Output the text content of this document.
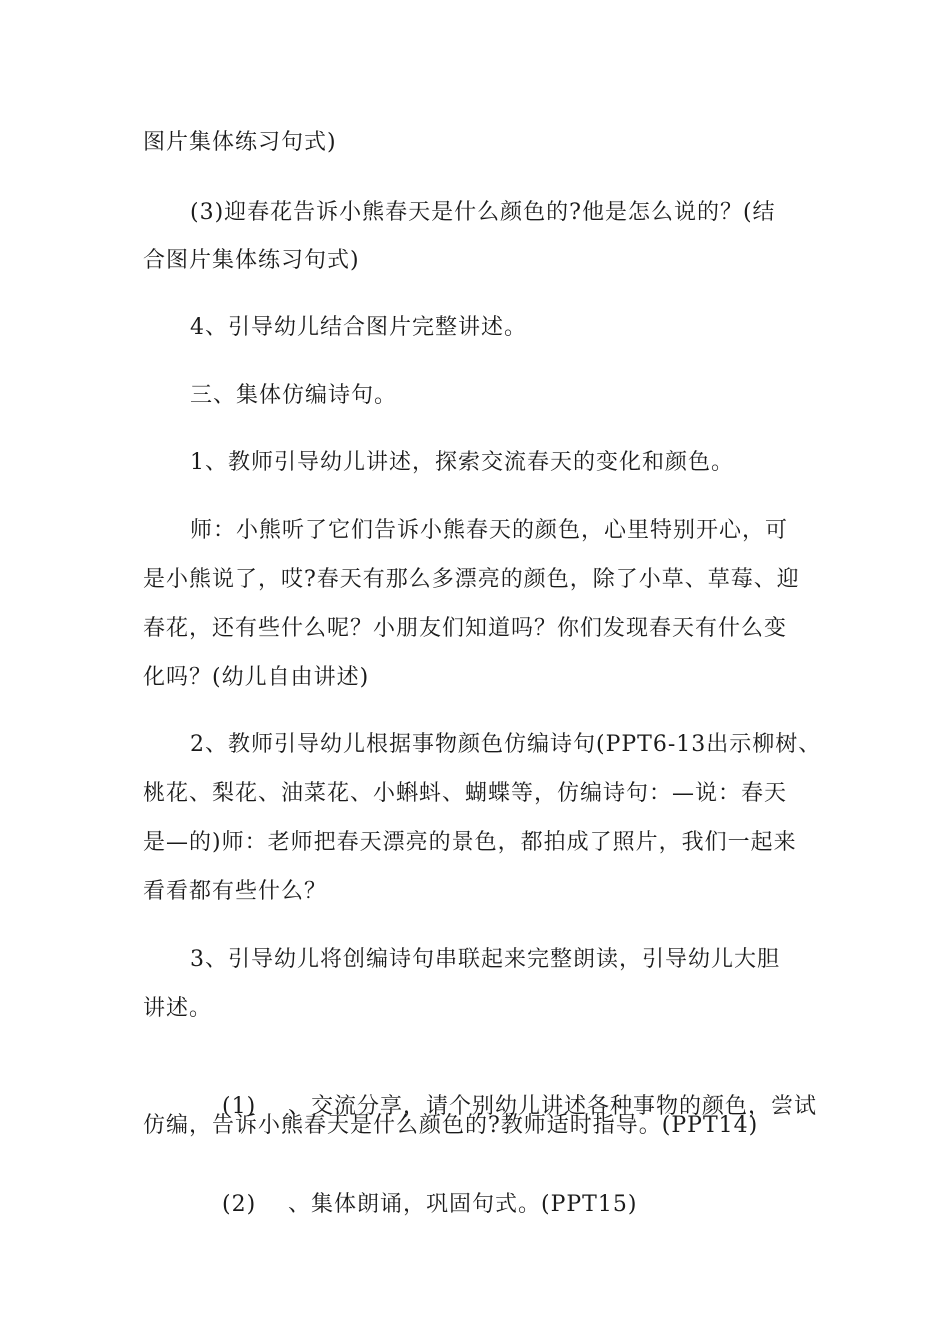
图片集体练习句式)
(3)迎春花告诉小熊春天是什么颜色的?他是怎么说的？(结
合图片集体练习句式)
4、引导幼儿结合图片完整讲述。
三、集体仿编诗句。
1、教师引导幼儿讲述，探索交流春天的变化和颜色。
师：小熊听了它们告诉小熊春天的颜色，心里特别开心，可
是小熊说了，哎?春天有那么多漂亮的颜色，除了小草、草莓、迎
春花，还有些什么呢？小朋友们知道吗？你们发现春天有什么变
化吗？(幼儿自由讲述)
2、教师引导幼儿根据事物颜色仿编诗句(PPT6-13出示柳树、
桃花、梨花、油菜花、小蝌蚪、蝴蝶等，仿编诗句：—说：春天
是—的)师：老师把春天漂亮的景色，都拍成了照片，我们一起来
看看都有些什么？
3、引导幼儿将创编诗句串联起来完整朗读，引导幼儿大胆
讲述。

(1) 、交流分享，请个别幼儿讲述各种事物的颜色，尝试

仿编，告诉小熊春天是什么颜色的?教师适时指导。(PPT14)

(2) 、集体朗诵，巩固句式。(PPT15)
